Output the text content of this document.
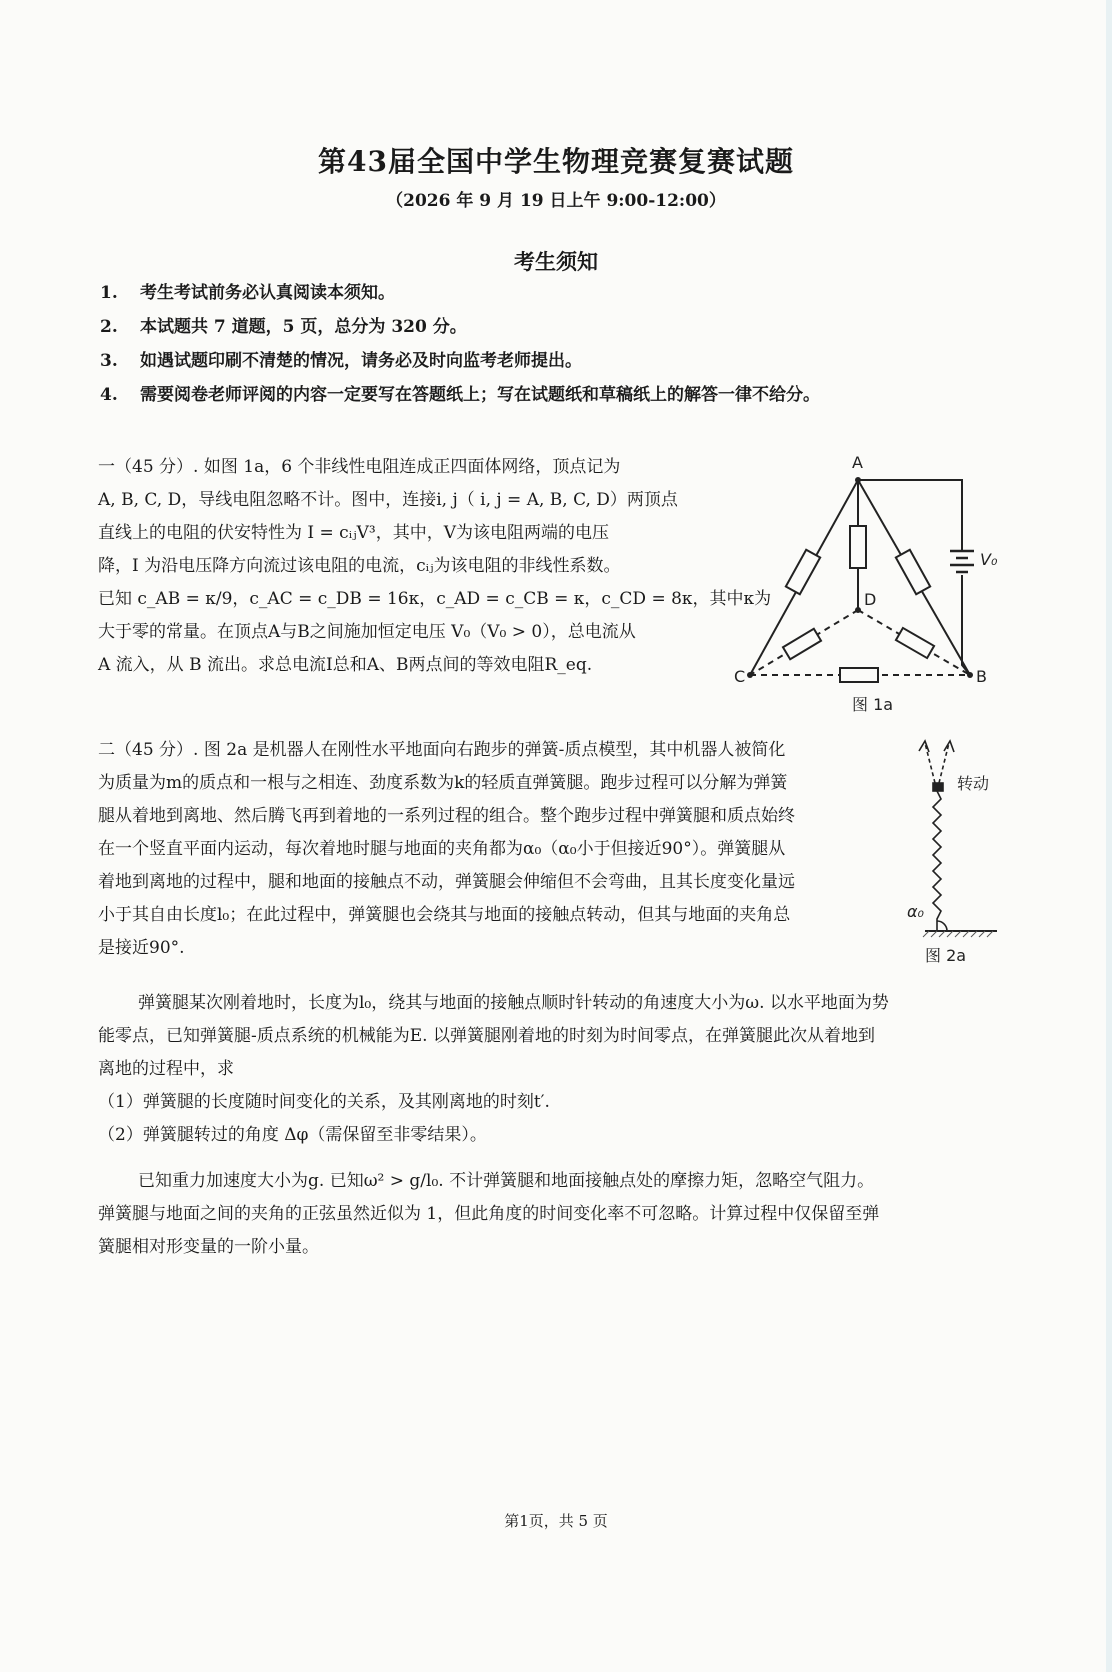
第43届全国中学生物理竞赛复赛试题
（2026 年 9 月 19 日上午 9:00-12:00）
考生须知
1. 考生考试前务必认真阅读本须知。
2. 本试题共 7 道题，5 页，总分为 320 分。
3. 如遇试题印刷不清楚的情况，请务必及时向监考老师提出。
4. 需要阅卷老师评阅的内容一定要写在答题纸上；写在试题纸和草稿纸上的解答一律不给分。
一（45 分）. 如图 1a，6 个非线性电阻连成正四面体网络，顶点记为
A, B, C, D，导线电阻忽略不计。图中，连接i, j（ i, j = A, B, C, D）两顶点
直线上的电阻的伏安特性为 I = cᵢⱼV³，其中，V为该电阻两端的电压
降，I 为沿电压降方向流过该电阻的电流，cᵢⱼ为该电阻的非线性系数。
已知 c_AB = κ/9，c_AC = c_DB = 16κ，c_AD = c_CB = κ，c_CD = 8κ，其中κ为
大于零的常量。在顶点A与B之间施加恒定电压 V₀（V₀ > 0），总电流从
A 流入，从 B 流出。求总电流I总和A、B两点间的等效电阻R_eq.
A
C	B
D
V₀
图 1a
二（45 分）. 图 2a 是机器人在刚性水平地面向右跑步的弹簧-质点模型，其中机器人被简化
为质量为m的质点和一根与之相连、劲度系数为k的轻质直弹簧腿。跑步过程可以分解为弹簧
腿从着地到离地、然后腾飞再到着地的一系列过程的组合。整个跑步过程中弹簧腿和质点始终
在一个竖直平面内运动，每次着地时腿与地面的夹角都为α₀（α₀小于但接近90°）。弹簧腿从
着地到离地的过程中，腿和地面的接触点不动，弹簧腿会伸缩但不会弯曲，且其长度变化量远
小于其自由长度l₀；在此过程中，弹簧腿也会绕其与地面的接触点转动，但其与地面的夹角总
是接近90°.
转动
α₀
图 2a
弹簧腿某次刚着地时，长度为l₀，绕其与地面的接触点顺时针转动的角速度大小为ω. 以水平地面为势
能零点，已知弹簧腿-质点系统的机械能为E. 以弹簧腿刚着地的时刻为时间零点，在弹簧腿此次从着地到
离地的过程中，求
（1）弹簧腿的长度随时间变化的关系，及其刚离地的时刻t′.
（2）弹簧腿转过的角度 Δφ（需保留至非零结果）。
已知重力加速度大小为g. 已知ω² > g/l₀. 不计弹簧腿和地面接触点处的摩擦力矩，忽略空气阻力。
弹簧腿与地面之间的夹角的正弦虽然近似为 1，但此角度的时间变化率不可忽略。计算过程中仅保留至弹
簧腿相对形变量的一阶小量。
第1页，共 5 页
